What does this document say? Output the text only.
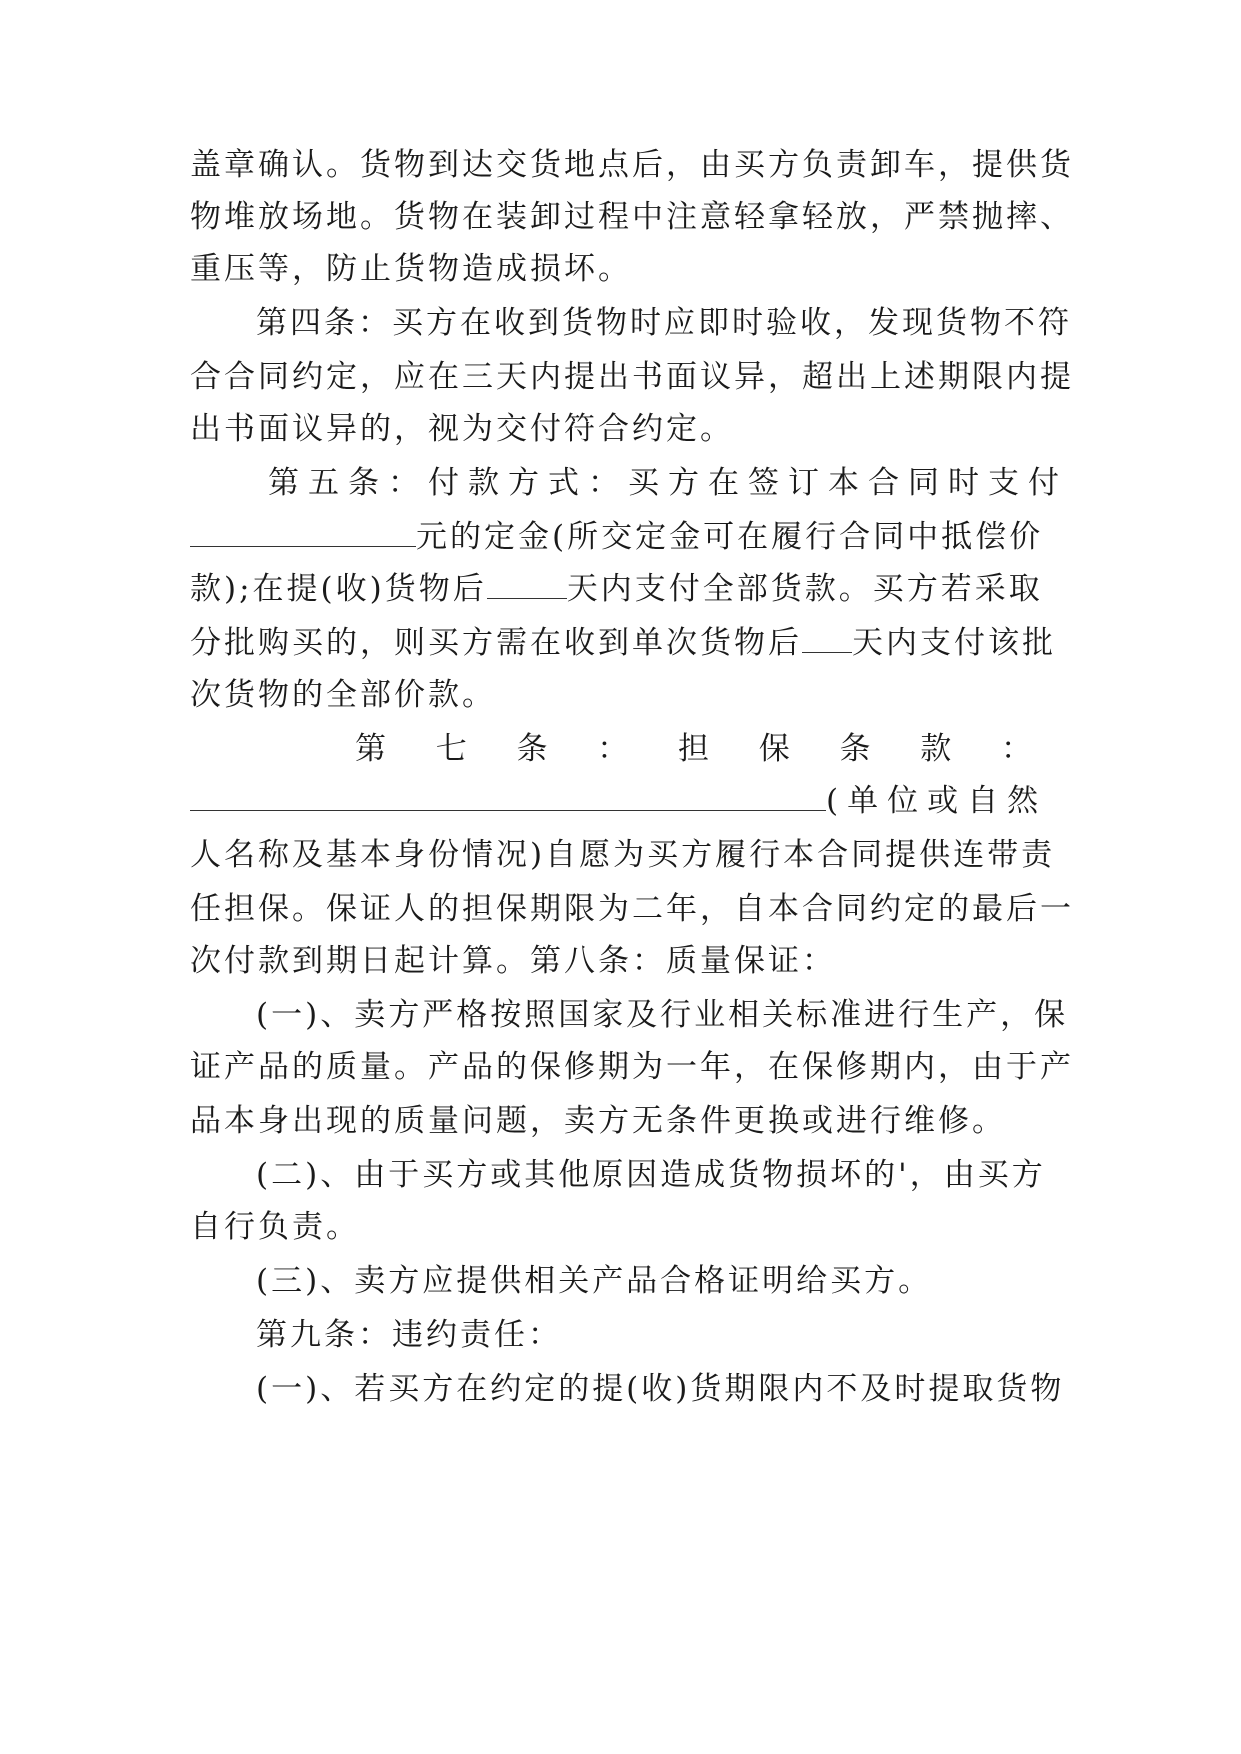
盖章确认。货物到达交货地点后，由买方负责卸车，提供货
物堆放场地。货物在装卸过程中注意轻拿轻放，严禁抛摔、
重压等，防止货物造成损坏。
第四条：买方在收到货物时应即时验收，发现货物不符
合合同约定，应在三天内提出书面议异，超出上述期限内提
出书面议异的，视为交付符合约定。
第五条：付款方式：买方在签订本合同时支付
元的定金(所交定金可在履行合同中抵偿价
款);在提(收)货物后	天内支付全部货款。买方若采取
分批购买的，则买方需在收到单次货物后 天内支付该批
次货物的全部价款。
第 七 条 ： 担 保 条 款 ：
(单位或自然
人名称及基本身份情况)自愿为买方履行本合同提供连带责
任担保。保证人的担保期限为二年，自本合同约定的最后一
次付款到期日起计算。第八条：质量保证：
(一)、卖方严格按照国家及行业相关标准进行生产，保
证产品的质量。产品的保修期为一年，在保修期内，由于产
品本身出现的质量问题，卖方无条件更换或进行维修。
(二)、由于买方或其他原因造成货物损坏的'，由买方
自行负责。
(三)、卖方应提供相关产品合格证明给买方。
第九条：违约责任：
(一)、若买方在约定的提(收)货期限内不及时提取货物
